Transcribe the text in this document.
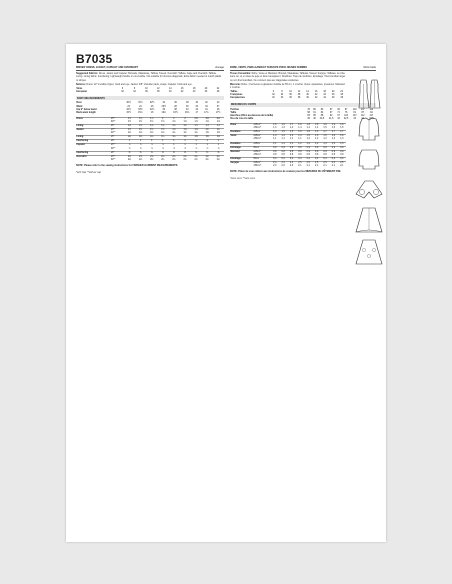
B7035
MISSES' DRESS, JACKET, CAPELET AND OVERSKIRT	Average
Suggested Fabrics: Dress, Jacket and Capelet: Brocade, Matelasse, Taffeta, Tweed. Overskirt: Taffeta. Cape and Overskirt: Taffeta. Lining: Lining fabric. Interfacing: Lightweight fusible or non-fusible. Not suitable for obvious diagonals. Extra fabric needed to match plaids or stripes.
Notions: Dress: 22" invisible zipper, hook and eye. Jacket: 3/8" shoulder pads, snaps. Capelet: hook and eye.
Sizes	6	8	10	12	14	16	18	20	22
European	32	34	36	38	40	42	44	46	48
BODY MEASUREMENTS
Bust	30½	31½	32½	34	36	38	40	42	44
Waist	23	24	25	26½	28	30	32	34	37
Hip 9" below waist	32½	33½	34½	36	38	40	42	44	46
Back waist length	15½	15¾	16	16¼	16½	16¾	17	17¼	17½
Dress	45"*	1⅞	1⅞	1⅞	2	2	2	2⅛	2⅛	2⅛
	60"*	1½	1½	1½	1½	1⅝	1⅝	1⅝	1⅝	1⅝
Lining	45"	1⅝	1⅝	1⅝	1¾	1¾	1¾	1⅞	1⅞	1⅞
Jacket	45"*	1½	1½	1½	1½	1⅝	1⅝	1⅝	1¾	1¾
	60"*	1⅛	1⅛	1⅛	1⅛	1¼	1¼	1¼	1⅜	1⅜
Lining	45"	1⅛	1⅛	1⅛	1¼	1¼	1¼	1⅜	1⅜	1⅜
Interfacing	20"	1	1	1	1	1	1	1	1	1
Capelet	45"*	⅞	⅞	⅞	⅞	1	1	1	1	1
	60"*	⅞	⅞	⅞	⅞	⅞	⅞	⅞	⅞	⅞
Interfacing	20"	⅜	⅜	⅜	⅜	⅜	⅜	⅜	⅜	⅜
Overskirt	45"*	2⅝	2⅝	2⅝	2¾	2¾	2¾	2¾	2¾	2¾
	60"*	2⅛	2⅛	2⅛	2¼	2¼	2¼	2¼	2¼	2¼
NOTE: Please refer to the sewing instructions for FINISHED GARMENT MEASUREMENTS.
*with Nap **without nap
ROBE, VESTE, PARE-GAMIN ET SURJUPE POUR JEUNES FEMMES	Moins facile
Tissus Conseillés: Robe, Veste et Mantelet: Brocart, Matelassé, Taffetas, Tweed. Surjupe: Taffetas. La robe sans col, et en tissu de jupe et tissu transparent. Doublure: Tissu de doublure. Entoilage: Thermocollant léger ou non thermocollant. Ne convient pas aux diagonales évidentes.
Mercerie: Robe: 1 fermeture à glissière invisible de 55 cm, 1 crochet. Veste: épaulettes, pressions. Mantelet: 1 crochet.
Tailles	6	8	10	12	14	16	18	20	22
Françaises	32	34	36	38	40	42	44	46	48
Européennes	32	34	36	38	40	42	44	46	48
MESURES DU CORPS
Poitrine	78	80	83	87	92	97	102	107	112
Taille	58	61	64	67	71	76	81	87	94
Hanches (23cm au-dessous de la taille)	83	85	88	92	97	102	107	112	117
Dos du cou à la taille	39	40	40,5	41,5	42	42,5	43	44	44,5
Robe	115cm*	1,6	1,6	1,7	1,8	1,8	1,8	1,9	1,9	1,9
	150cm*	1,3	1,3	1,4	1,4	1,4	1,4	1,5	1,5	1,5
Doublure	115cm	1,5	1,5	1,5	1,6	1,6	1,6	1,7	1,7	1,7
Veste	115cm*	1,4	1,4	1,4	1,4	1,5	1,5	1,5	1,6	1,6
	150cm*	1,1	1,1	1,1	1,1	1,2	1,2	1,2	1,3	1,3
Doublure	115cm	1,1	1,1	1,1	1,2	1,2	1,2	1,3	1,3	1,3
Entoilage	50cm	0,9	0,9	0,9	0,9	0,9	0,9	0,9	0,9	0,9
Mantelet	115cm*	0,8	0,8	0,8	0,8	0,9	0,9	0,9	0,9	0,9
	150cm*	0,8	0,8	0,8	0,8	0,8	0,8	0,8	0,8	0,8
Entoilage	50cm	0,4	0,4	0,4	0,4	0,4	0,4	0,4	0,4	0,4
Surjupe	115cm*	2,4	2,4	2,4	2,5	2,5	2,5	2,5	2,5	2,5
	150cm*	2,0	2,0	2,0	2,1	2,1	2,1	2,1	2,1	2,1
NOTE: Prière de vous référer aux instructions de couture pour les MESURES DU VÊTEMENT FINI.
*Avec sens **sans sens
